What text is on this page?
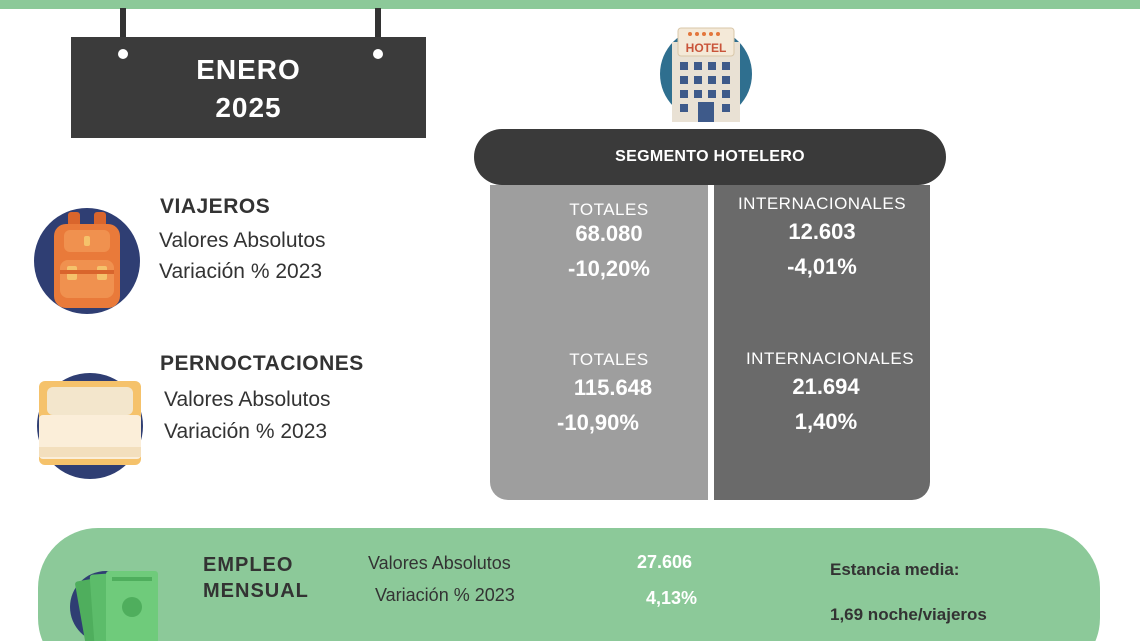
ENERO
2025
HOTEL
SEGMENTO HOTELERO
TOTALES
68.080
-10,20%
INTERNACIONALES
12.603
-4,01%
TOTALES
115.648
-10,90%
INTERNACIONALES
21.694
1,40%
VIAJEROS
Valores Absolutos
Variación % 2023
PERNOCTACIONES
Valores Absolutos
Variación % 2023
EMPLEO
MENSUAL
Valores Absolutos
Variación % 2023
27.606
4,13%
Estancia media:
1,69 noche/viajeros
